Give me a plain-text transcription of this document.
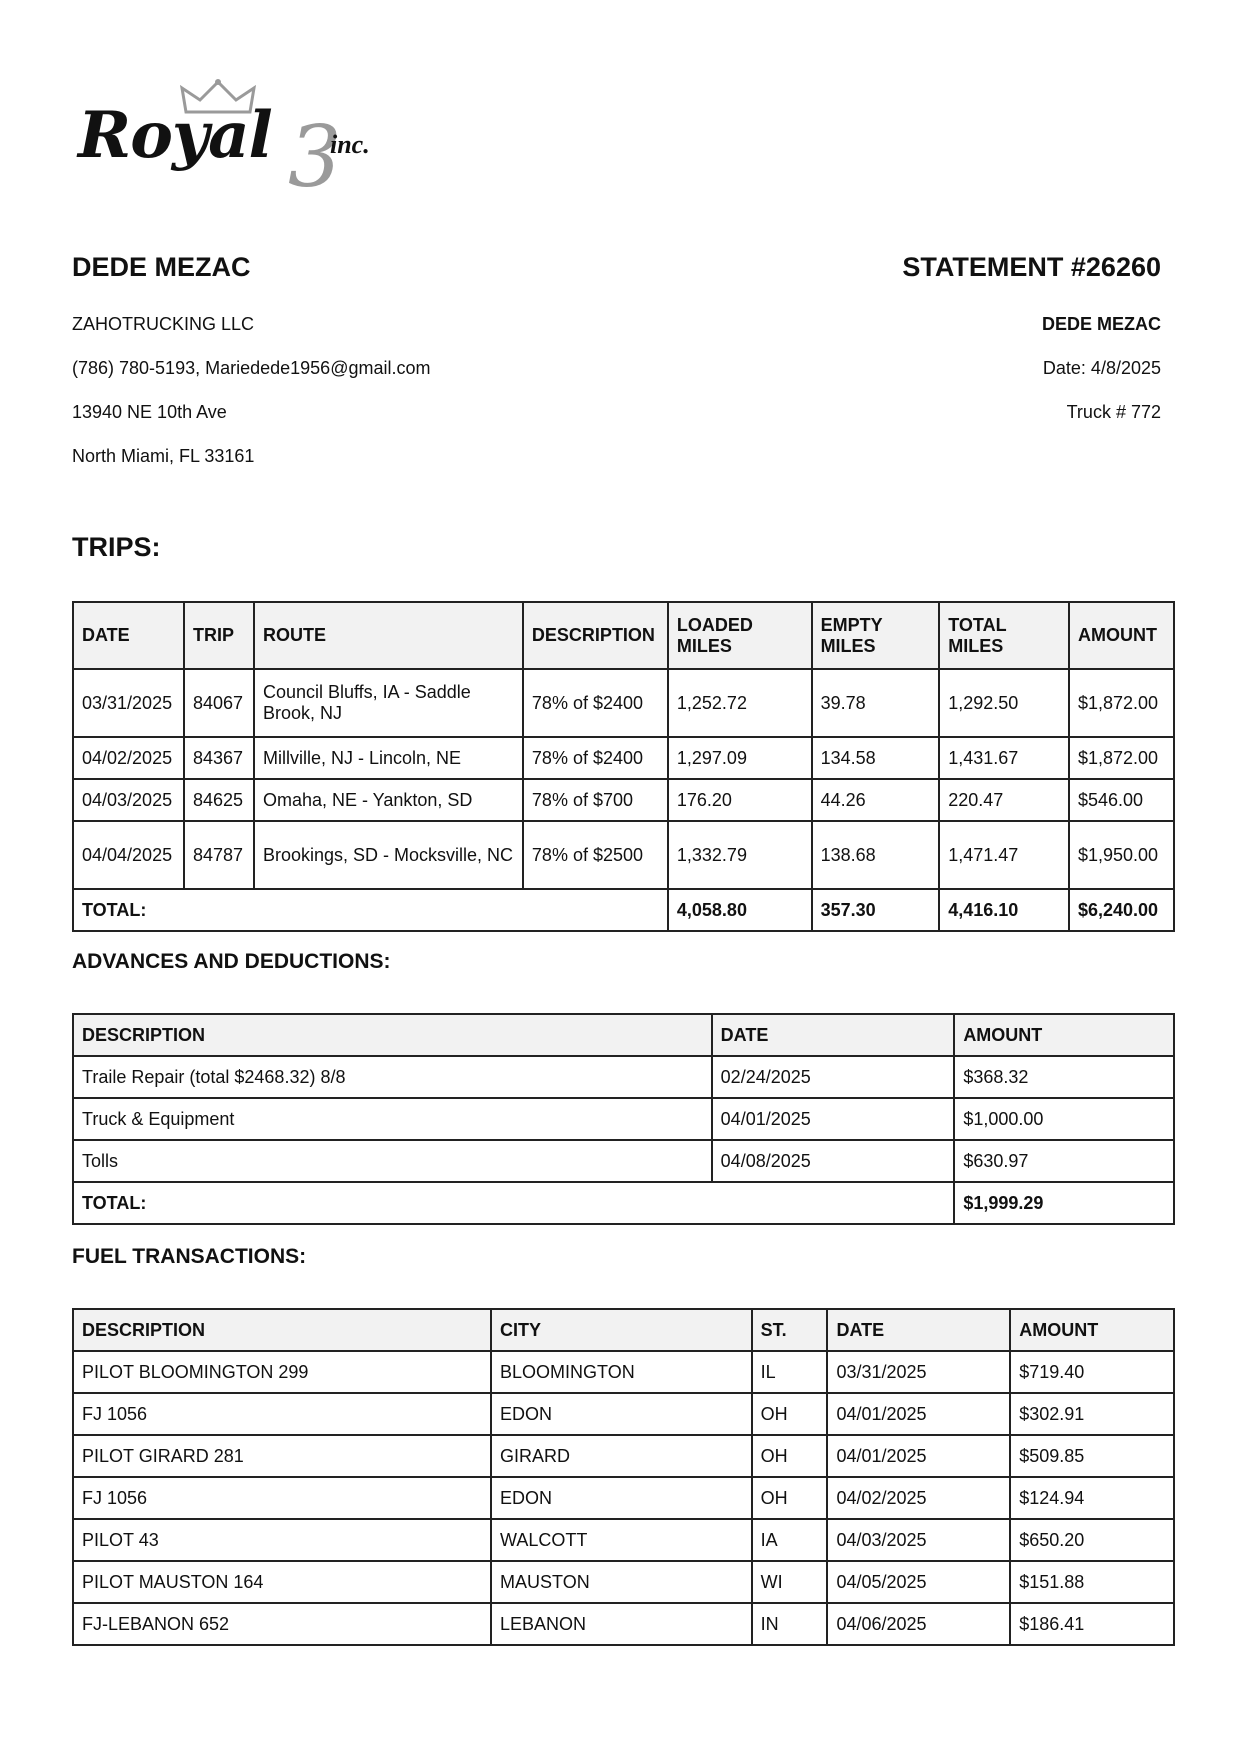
Royal 3
inc.
DEDE MEZAC	STATEMENT #26260
ZAHOTRUCKING LLC
(786) 780-5193, Mariedede1956@gmail.com
13940 NE 10th Ave
North Miami, FL 33161
DEDE MEZAC
Date: 4/8/2025
Truck # 772
TRIPS:
DATE	TRIP	ROUTE	DESCRIPTION	LOADED MILES	EMPTY MILES	TOTAL MILES	AMOUNT
03/31/2025	84067	Council Bluffs, IA - Saddle Brook, NJ	78% of $2400	1,252.72	39.78	1,292.50	$1,872.00
04/02/2025	84367	Millville, NJ - Lincoln, NE	78% of $2400	1,297.09	134.58	1,431.67	$1,872.00
04/03/2025	84625	Omaha, NE - Yankton, SD	78% of $700	176.20	44.26	220.47	$546.00
04/04/2025	84787	Brookings, SD - Mocksville, NC	78% of $2500	1,332.79	138.68	1,471.47	$1,950.00
TOTAL:				4,058.80	357.30	4,416.10	$6,240.00
ADVANCES AND DEDUCTIONS:
DESCRIPTION	DATE	AMOUNT
Traile Repair (total $2468.32) 8/8	02/24/2025	$368.32
Truck & Equipment	04/01/2025	$1,000.00
Tolls	04/08/2025	$630.97
TOTAL:		$1,999.29
FUEL TRANSACTIONS:
DESCRIPTION	CITY	ST.	DATE	AMOUNT
PILOT BLOOMINGTON 299	BLOOMINGTON	IL	03/31/2025	$719.40
FJ 1056	EDON	OH	04/01/2025	$302.91
PILOT GIRARD 281	GIRARD	OH	04/01/2025	$509.85
FJ 1056	EDON	OH	04/02/2025	$124.94
PILOT 43	WALCOTT	IA	04/03/2025	$650.20
PILOT MAUSTON 164	MAUSTON	WI	04/05/2025	$151.88
FJ-LEBANON 652	LEBANON	IN	04/06/2025	$186.41
